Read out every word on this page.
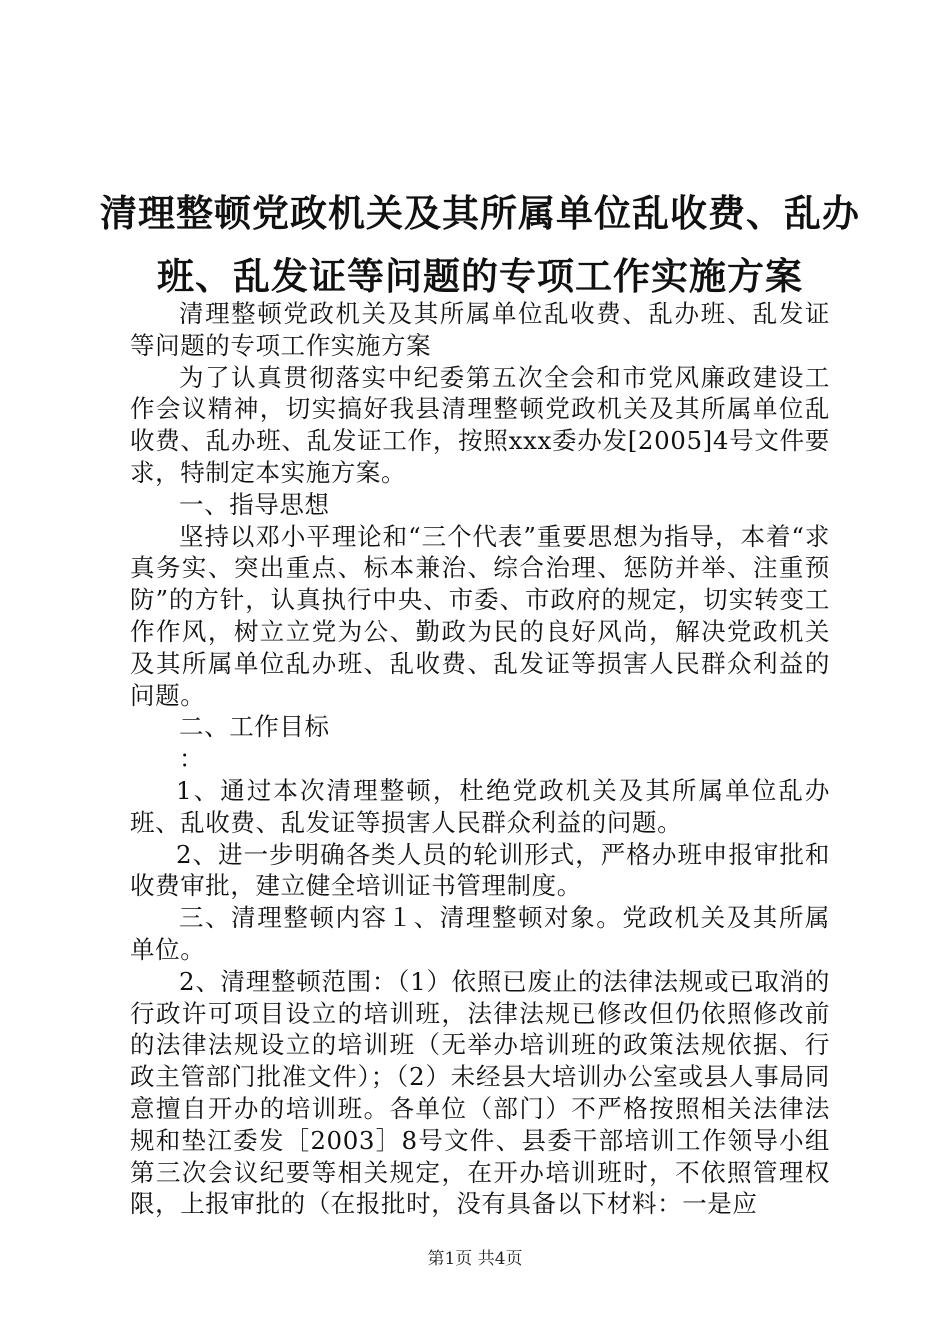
清理整顿党政机关及其所属单位乱收费、乱办
班、乱发证等问题的专项工作实施方案

清理整顿党政机关及其所属单位乱收费、乱办班、乱发证等问题的专项工作实施方案

为了认真贯彻落实中纪委第五次全会和市党风廉政建设工作会议精神，切实搞好我县清理整顿党政机关及其所属单位乱收费、乱办班、乱发证工作，按照xxx委办发[2005]4号文件要求，特制定本实施方案。

一、指导思想

坚持以邓小平理论和“三个代表”重要思想为指导，本着“求真务实、突出重点、标本兼治、综合治理、惩防并举、注重预防”的方针，认真执行中央、市委、市政府的规定，切实转变工作作风，树立立党为公、勤政为民的良好风尚，解决党政机关及其所属单位乱办班、乱收费、乱发证等损害人民群众利益的问题。

二、工作目标

：

1、通过本次清理整顿，杜绝党政机关及其所属单位乱办班、乱收费、乱发证等损害人民群众利益的问题。

2、进一步明确各类人员的轮训形式，严格办班申报审批和收费审批，建立健全培训证书管理制度。

三、清理整顿内容１、清理整顿对象。党政机关及其所属单位。

2、清理整顿范围：（1）依照已废止的法律法规或已取消的行政许可项目设立的培训班，法律法规已修改但仍依照修改前的法律法规设立的培训班（无举办培训班的政策法规依据、行政主管部门批准文件）；（2）未经县大培训办公室或县人事局同意擅自开办的培训班。各单位（部门）不严格按照相关法律法规和垫江委发［2003］8号文件、县委干部培训工作领导小组第三次会议纪要等相关规定，在开办培训班时，不依照管理权限，上报审批的（在报批时，没有具备以下材料：一是应

第1页 共4页
